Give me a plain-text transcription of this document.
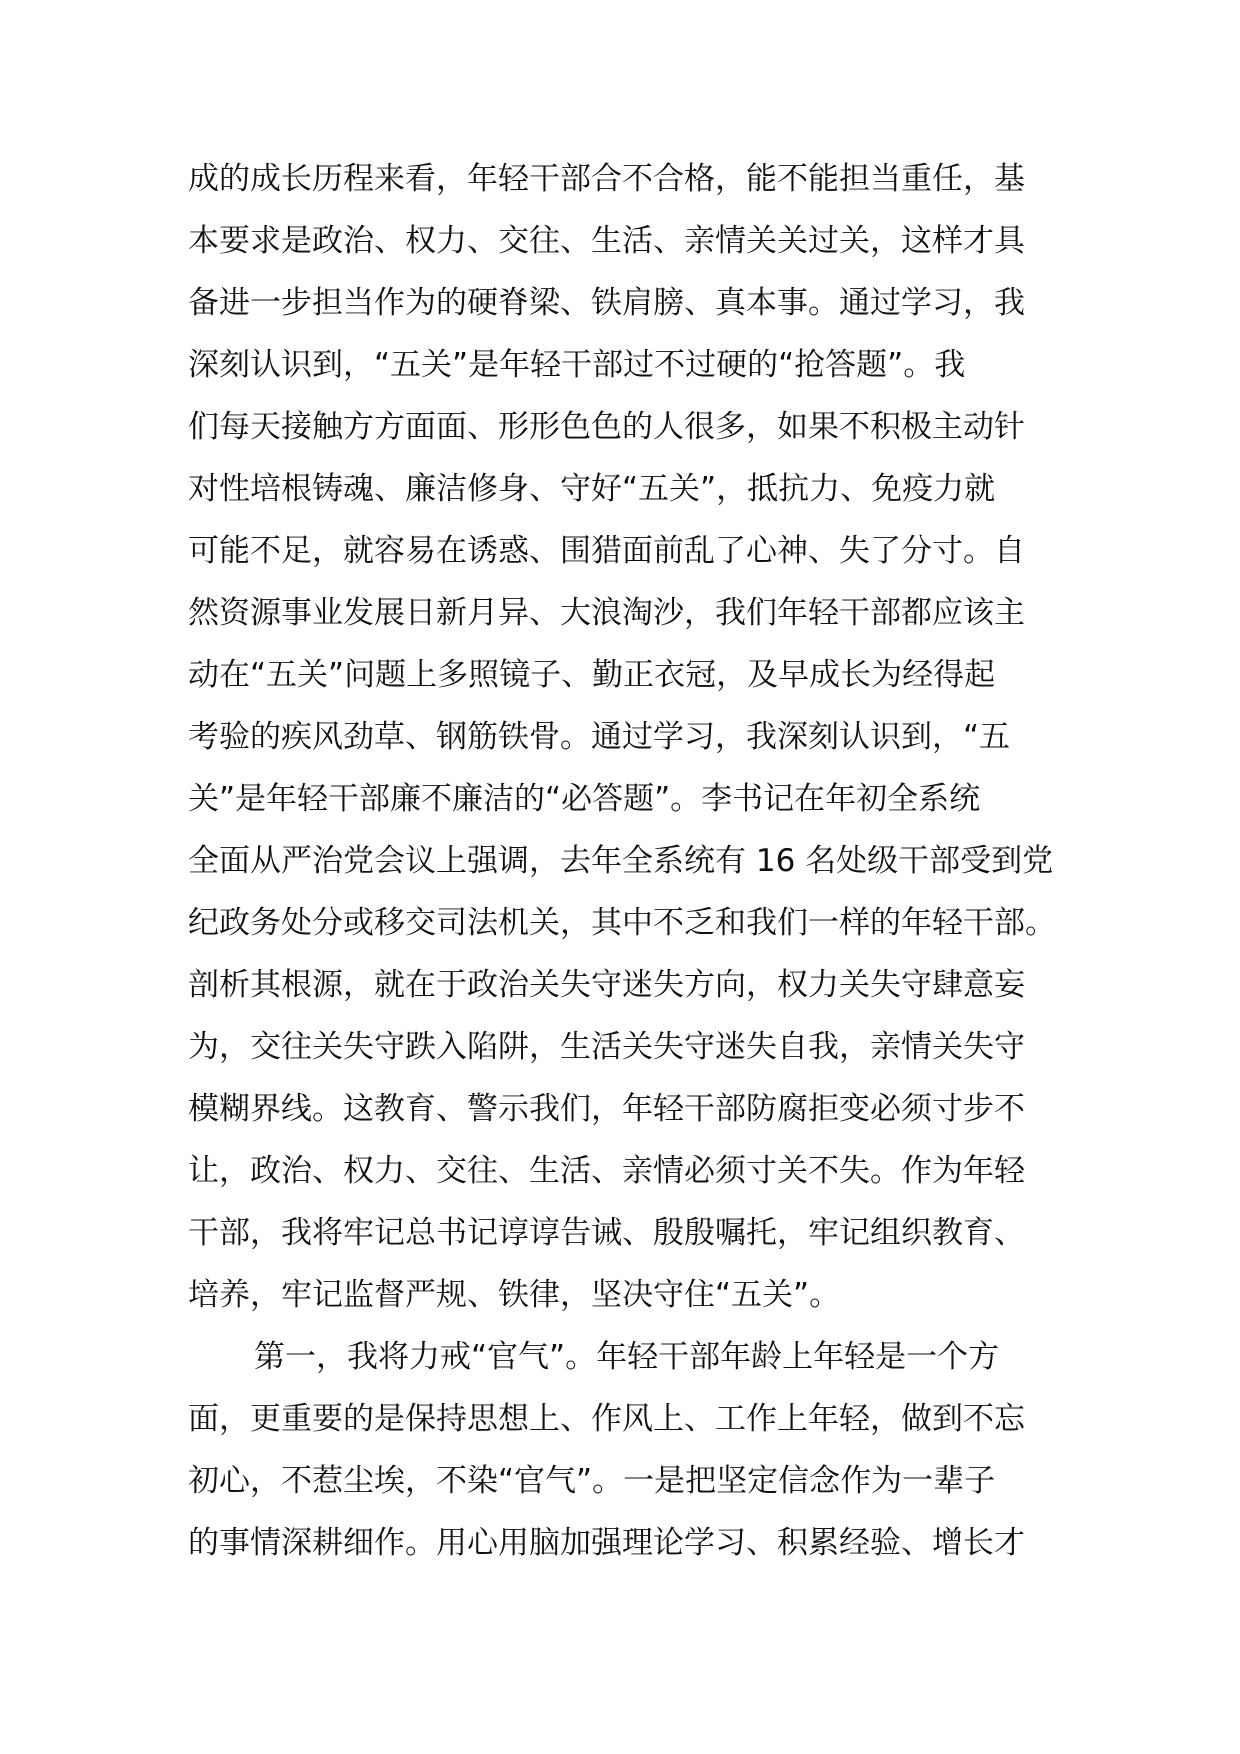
成的成长历程来看，年轻干部合不合格，能不能担当重任，基
本要求是政治、权力、交往、生活、亲情关关过关，这样才具
备进一步担当作为的硬脊梁、铁肩膀、真本事。通过学习，我
深刻认识到，“五关”是年轻干部过不过硬的“抢答题”。我
们每天接触方方面面、形形色色的人很多，如果不积极主动针
对性培根铸魂、廉洁修身、守好“五关”，抵抗力、免疫力就
可能不足，就容易在诱惑、围猎面前乱了心神、失了分寸。自
然资源事业发展日新月异、大浪淘沙，我们年轻干部都应该主
动在“五关”问题上多照镜子、勤正衣冠，及早成长为经得起
考验的疾风劲草、钢筋铁骨。通过学习，我深刻认识到，“五
关”是年轻干部廉不廉洁的“必答题”。李书记在年初全系统
全面从严治党会议上强调，去年全系统有 16 名处级干部受到党
纪政务处分或移交司法机关，其中不乏和我们一样的年轻干部。
剖析其根源，就在于政治关失守迷失方向，权力关失守肆意妄
为，交往关失守跌入陷阱，生活关失守迷失自我，亲情关失守
模糊界线。这教育、警示我们，年轻干部防腐拒变必须寸步不
让，政治、权力、交往、生活、亲情必须寸关不失。作为年轻
干部，我将牢记总书记谆谆告诫、殷殷嘱托，牢记组织教育、
培养，牢记监督严规、铁律，坚决守住“五关”。
第一，我将力戒“官气”。年轻干部年龄上年轻是一个方
面，更重要的是保持思想上、作风上、工作上年轻，做到不忘
初心，不惹尘埃，不染“官气”。一是把坚定信念作为一辈子
的事情深耕细作。用心用脑加强理论学习、积累经验、增长才
